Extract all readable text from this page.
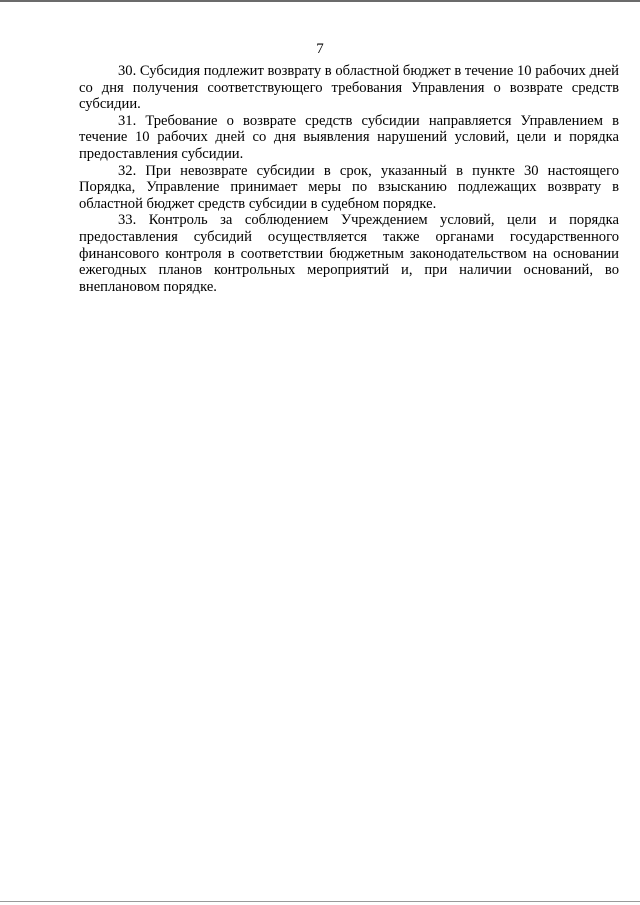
7

30. Субсидия подлежит возврату в областной бюджет в течение 10 рабочих дней со дня получения соответствующего требования Управления о возврате средств субсидии.

31. Требование о возврате средств субсидии направляется Управлением в течение 10 рабочих дней со дня выявления нарушений условий, цели и порядка предоставления субсидии.

32. При невозврате субсидии в срок, указанный в пункте 30 настоящего Порядка, Управление принимает меры по взысканию подлежащих возврату в областной бюджет средств субсидии в судебном порядке.

33. Контроль за соблюдением Учреждением условий, цели и порядка предоставления субсидий осуществляется также органами государственного финансового контроля в соответствии бюджетным законодательством на основании ежегодных планов контрольных мероприятий и, при наличии оснований, во внеплановом порядке.
